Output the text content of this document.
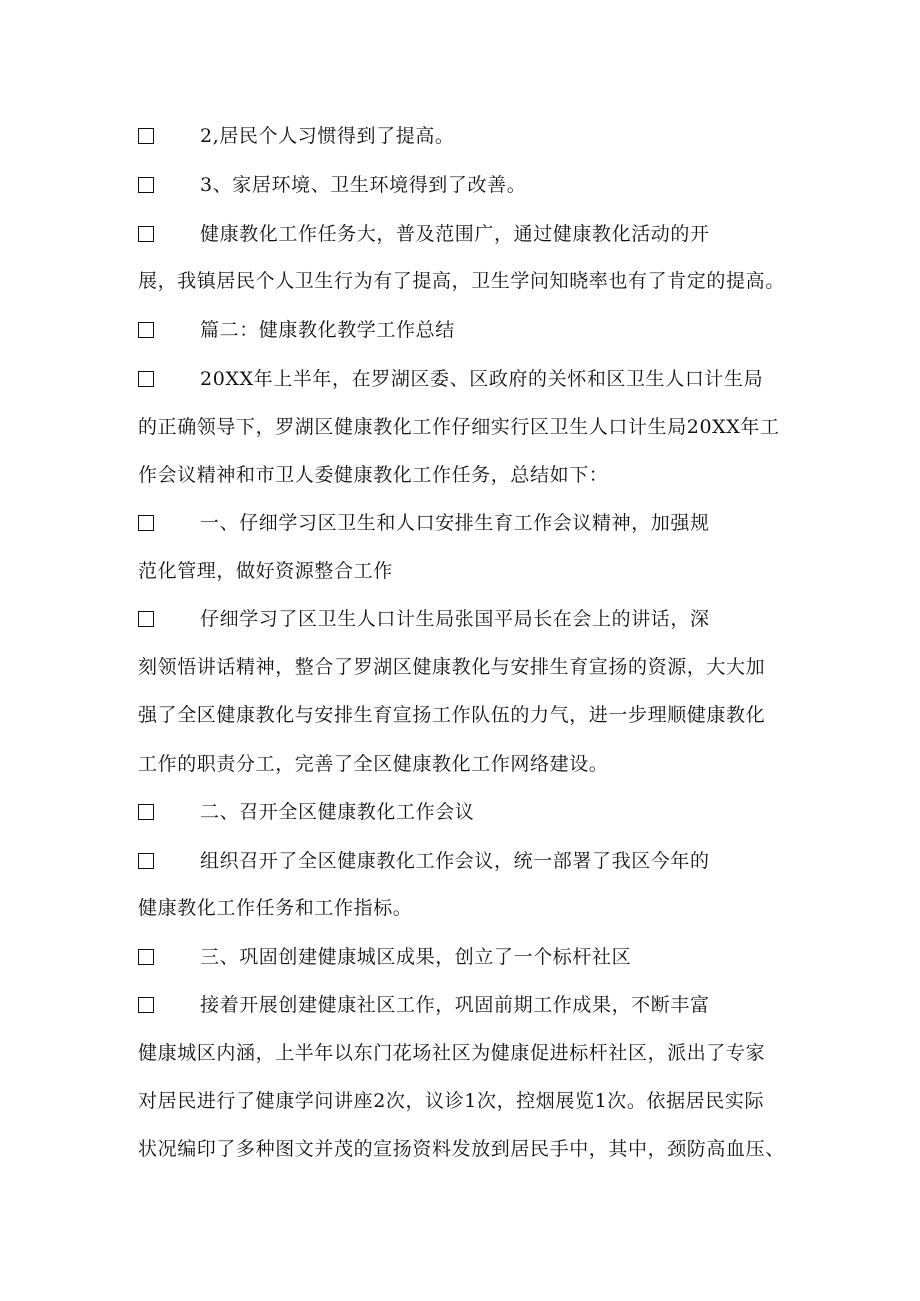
2,居民个人习惯得到了提高。
3、家居环境、卫生环境得到了改善。
健康教化工作任务大，普及范围广，通过健康教化活动的开
展，我镇居民个人卫生行为有了提高，卫生学问知晓率也有了肯定的提高。
篇二：健康教化教学工作总结
20XX年上半年，在罗湖区委、区政府的关怀和区卫生人口计生局
的正确领导下，罗湖区健康教化工作仔细实行区卫生人口计生局20XX年工
作会议精神和市卫人委健康教化工作任务，总结如下：
一、仔细学习区卫生和人口安排生育工作会议精神，加强规
范化管理，做好资源整合工作
仔细学习了区卫生人口计生局张国平局长在会上的讲话，深
刻领悟讲话精神，整合了罗湖区健康教化与安排生育宣扬的资源，大大加
强了全区健康教化与安排生育宣扬工作队伍的力气，进一步理顺健康教化
工作的职责分工，完善了全区健康教化工作网络建设。
二、召开全区健康教化工作会议
组织召开了全区健康教化工作会议，统一部署了我区今年的
健康教化工作任务和工作指标。
三、巩固创建健康城区成果，创立了一个标杆社区
接着开展创建健康社区工作，巩固前期工作成果，不断丰富
健康城区内涵，上半年以东门花场社区为健康促进标杆社区，派出了专家
对居民进行了健康学问讲座2次，议诊1次，控烟展览1次。依据居民实际
状况编印了多种图文并茂的宣扬资料发放到居民手中，其中，颈防高血压、
